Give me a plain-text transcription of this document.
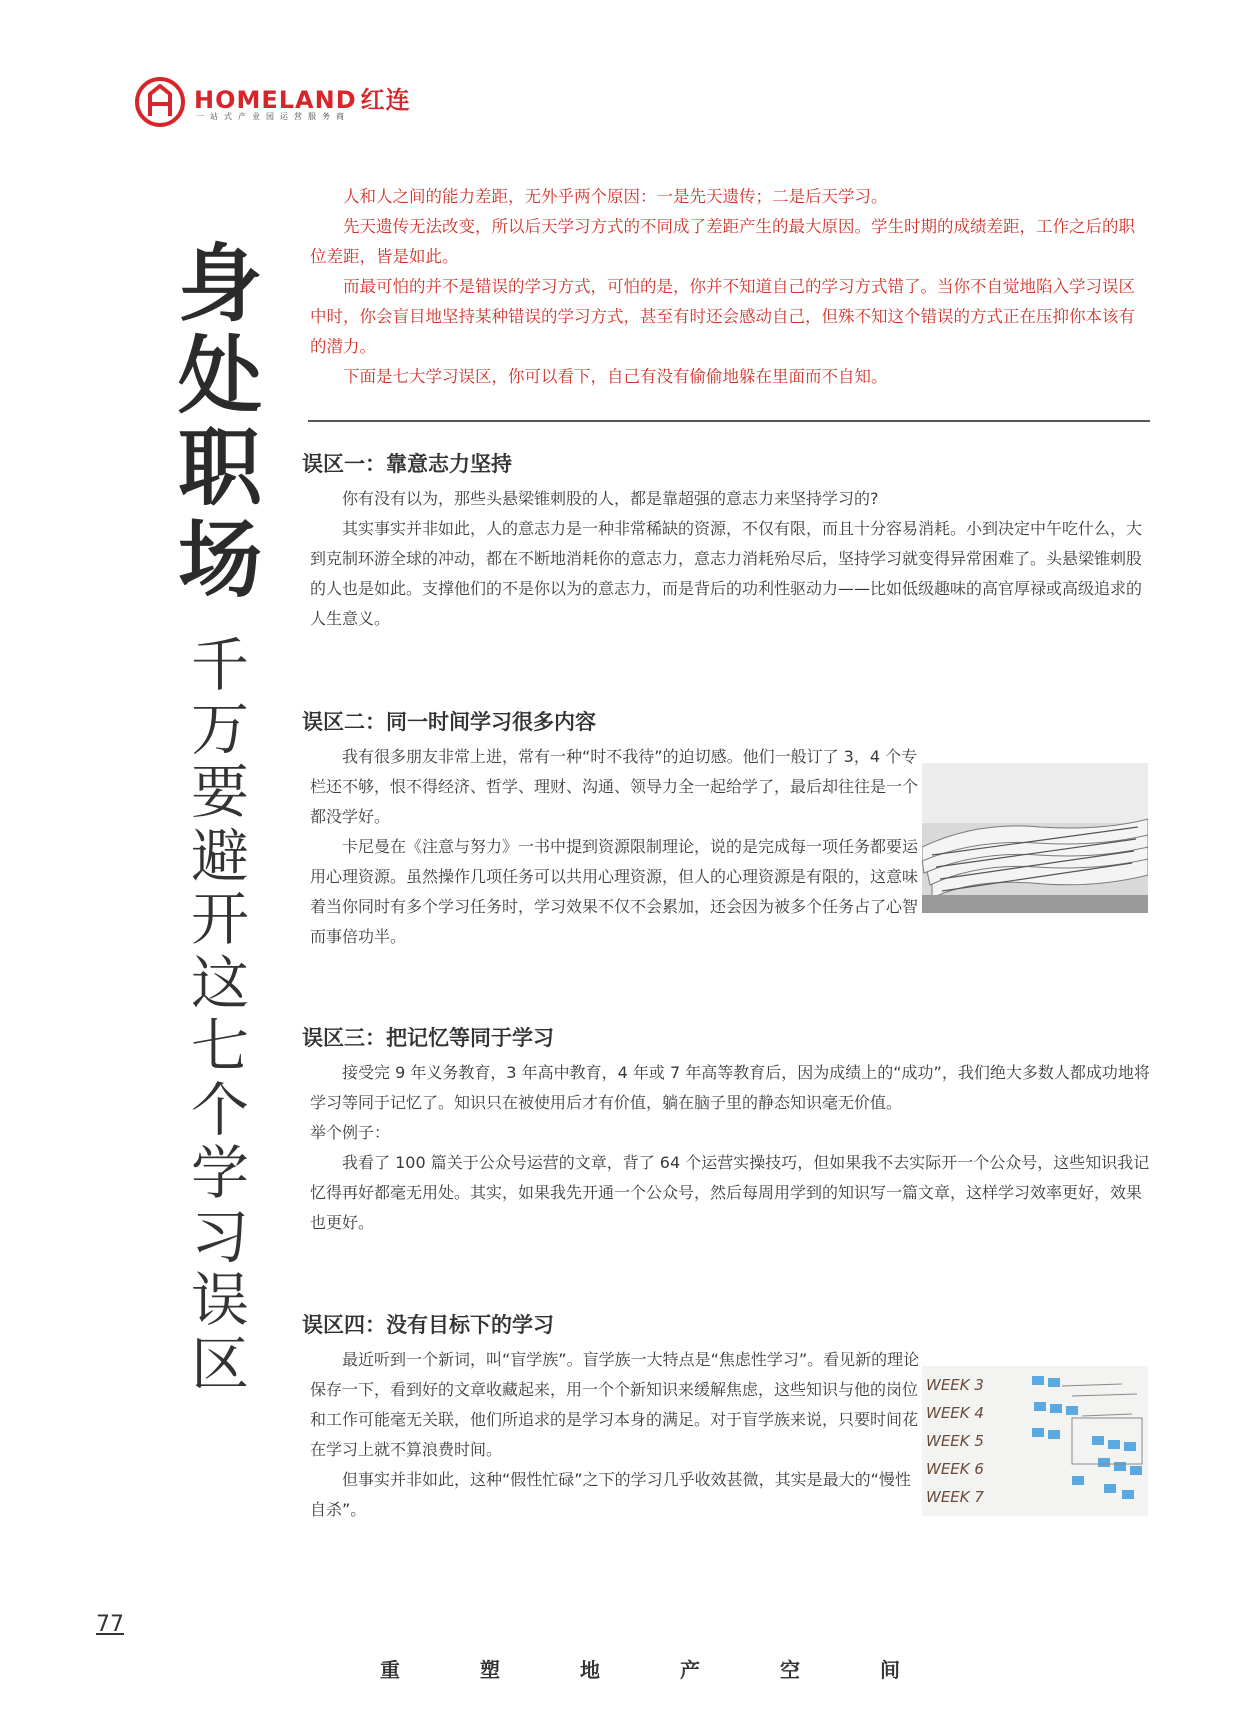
HOMELAND 红连
一站式产业园运营服务商
身
处
职
场
千
万
要
避
开
这
七
个
学
习
误
区

人和人之间的能力差距，无外乎两个原因：一是先天遗传；二是后天学习。

先天遗传无法改变，所以后天学习方式的不同成了差距产生的最大原因。学生时期的成绩差距，工作之后的职位差距，皆是如此。

而最可怕的并不是错误的学习方式，可怕的是，你并不知道自己的学习方式错了。当你不自觉地陷入学习误区中时，你会盲目地坚持某种错误的学习方式，甚至有时还会感动自己，但殊不知这个错误的方式正在压抑你本该有的潜力。

下面是七大学习误区，你可以看下，自己有没有偷偷地躲在里面而不自知。

误区一：靠意志力坚持

你有没有以为，那些头悬梁锥刺股的人，都是靠超强的意志力来坚持学习的?

其实事实并非如此，人的意志力是一种非常稀缺的资源，不仅有限，而且十分容易消耗。小到决定中午吃什么，大到克制环游全球的冲动，都在不断地消耗你的意志力，意志力消耗殆尽后，坚持学习就变得异常困难了。头悬梁锥刺股的人也是如此。支撑他们的不是你以为的意志力，而是背后的功利性驱动力——比如低级趣味的高官厚禄或高级追求的人生意义。

误区二：同一时间学习很多内容

我有很多朋友非常上进，常有一种“时不我待”的迫切感。他们一般订了 3，4 个专栏还不够，恨不得经济、哲学、理财、沟通、领导力全一起给学了，最后却往往是一个都没学好。

卡尼曼在《注意与努力》一书中提到资源限制理论，说的是完成每一项任务都要运用心理资源。虽然操作几项任务可以共用心理资源，但人的心理资源是有限的，这意味着当你同时有多个学习任务时，学习效果不仅不会累加，还会因为被多个任务占了心智而事倍功半。

误区三：把记忆等同于学习

接受完 9 年义务教育，3 年高中教育，4 年或 7 年高等教育后，因为成绩上的“成功”，我们绝大多数人都成功地将学习等同于记忆了。知识只在被使用后才有价值，躺在脑子里的静态知识毫无价值。

举个例子：

我看了 100 篇关于公众号运营的文章，背了 64 个运营实操技巧，但如果我不去实际开一个公众号，这些知识我记忆得再好都毫无用处。其实，如果我先开通一个公众号，然后每周用学到的知识写一篇文章，这样学习效率更好，效果也更好。

误区四：没有目标下的学习

最近听到一个新词，叫“盲学族”。盲学族一大特点是“焦虑性学习”。看见新的理论保存一下，看到好的文章收藏起来，用一个个新知识来缓解焦虑，这些知识与他的岗位和工作可能毫无关联，他们所追求的是学习本身的满足。对于盲学族来说，只要时间花在学习上就不算浪费时间。

但事实并非如此，这种“假性忙碌”之下的学习几乎收效甚微，其实是最大的“慢性自杀”。

WEEK 3
WEEK 4
WEEK 5
WEEK 6
WEEK 7
77
重	塑	地	产	空	间
